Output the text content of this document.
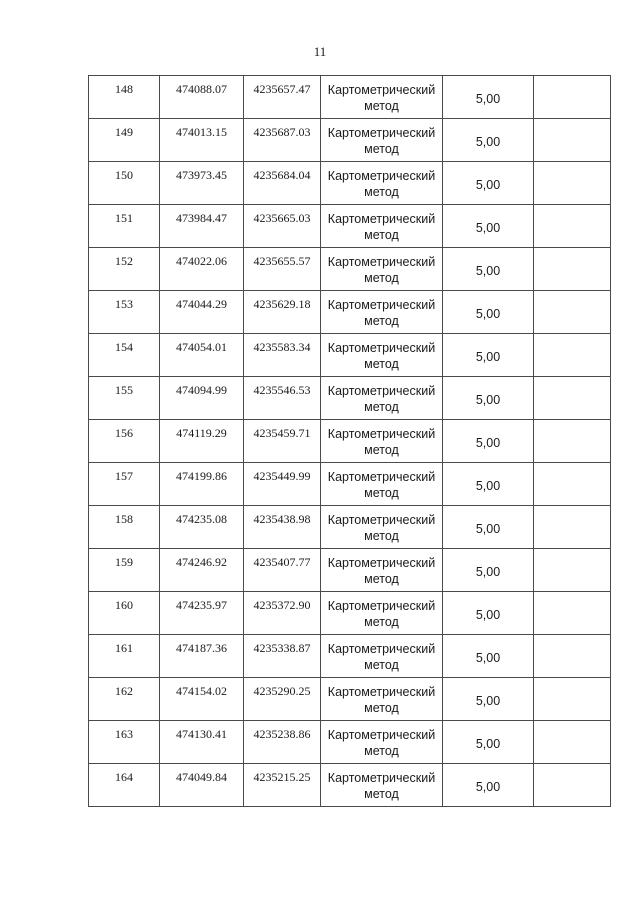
11
148	474088.07	4235657.47	Картометрический
метод	5,00	
149	474013.15	4235687.03	Картометрический
метод	5,00	
150	473973.45	4235684.04	Картометрический
метод	5,00	
151	473984.47	4235665.03	Картометрический
метод	5,00	
152	474022.06	4235655.57	Картометрический
метод	5,00	
153	474044.29	4235629.18	Картометрический
метод	5,00	
154	474054.01	4235583.34	Картометрический
метод	5,00	
155	474094.99	4235546.53	Картометрический
метод	5,00	
156	474119.29	4235459.71	Картометрический
метод	5,00	
157	474199.86	4235449.99	Картометрический
метод	5,00	
158	474235.08	4235438.98	Картометрический
метод	5,00	
159	474246.92	4235407.77	Картометрический
метод	5,00	
160	474235.97	4235372.90	Картометрический
метод	5,00	
161	474187.36	4235338.87	Картометрический
метод	5,00	
162	474154.02	4235290.25	Картометрический
метод	5,00	
163	474130.41	4235238.86	Картометрический
метод	5,00	
164	474049.84	4235215.25	Картометрический
метод	5,00	
